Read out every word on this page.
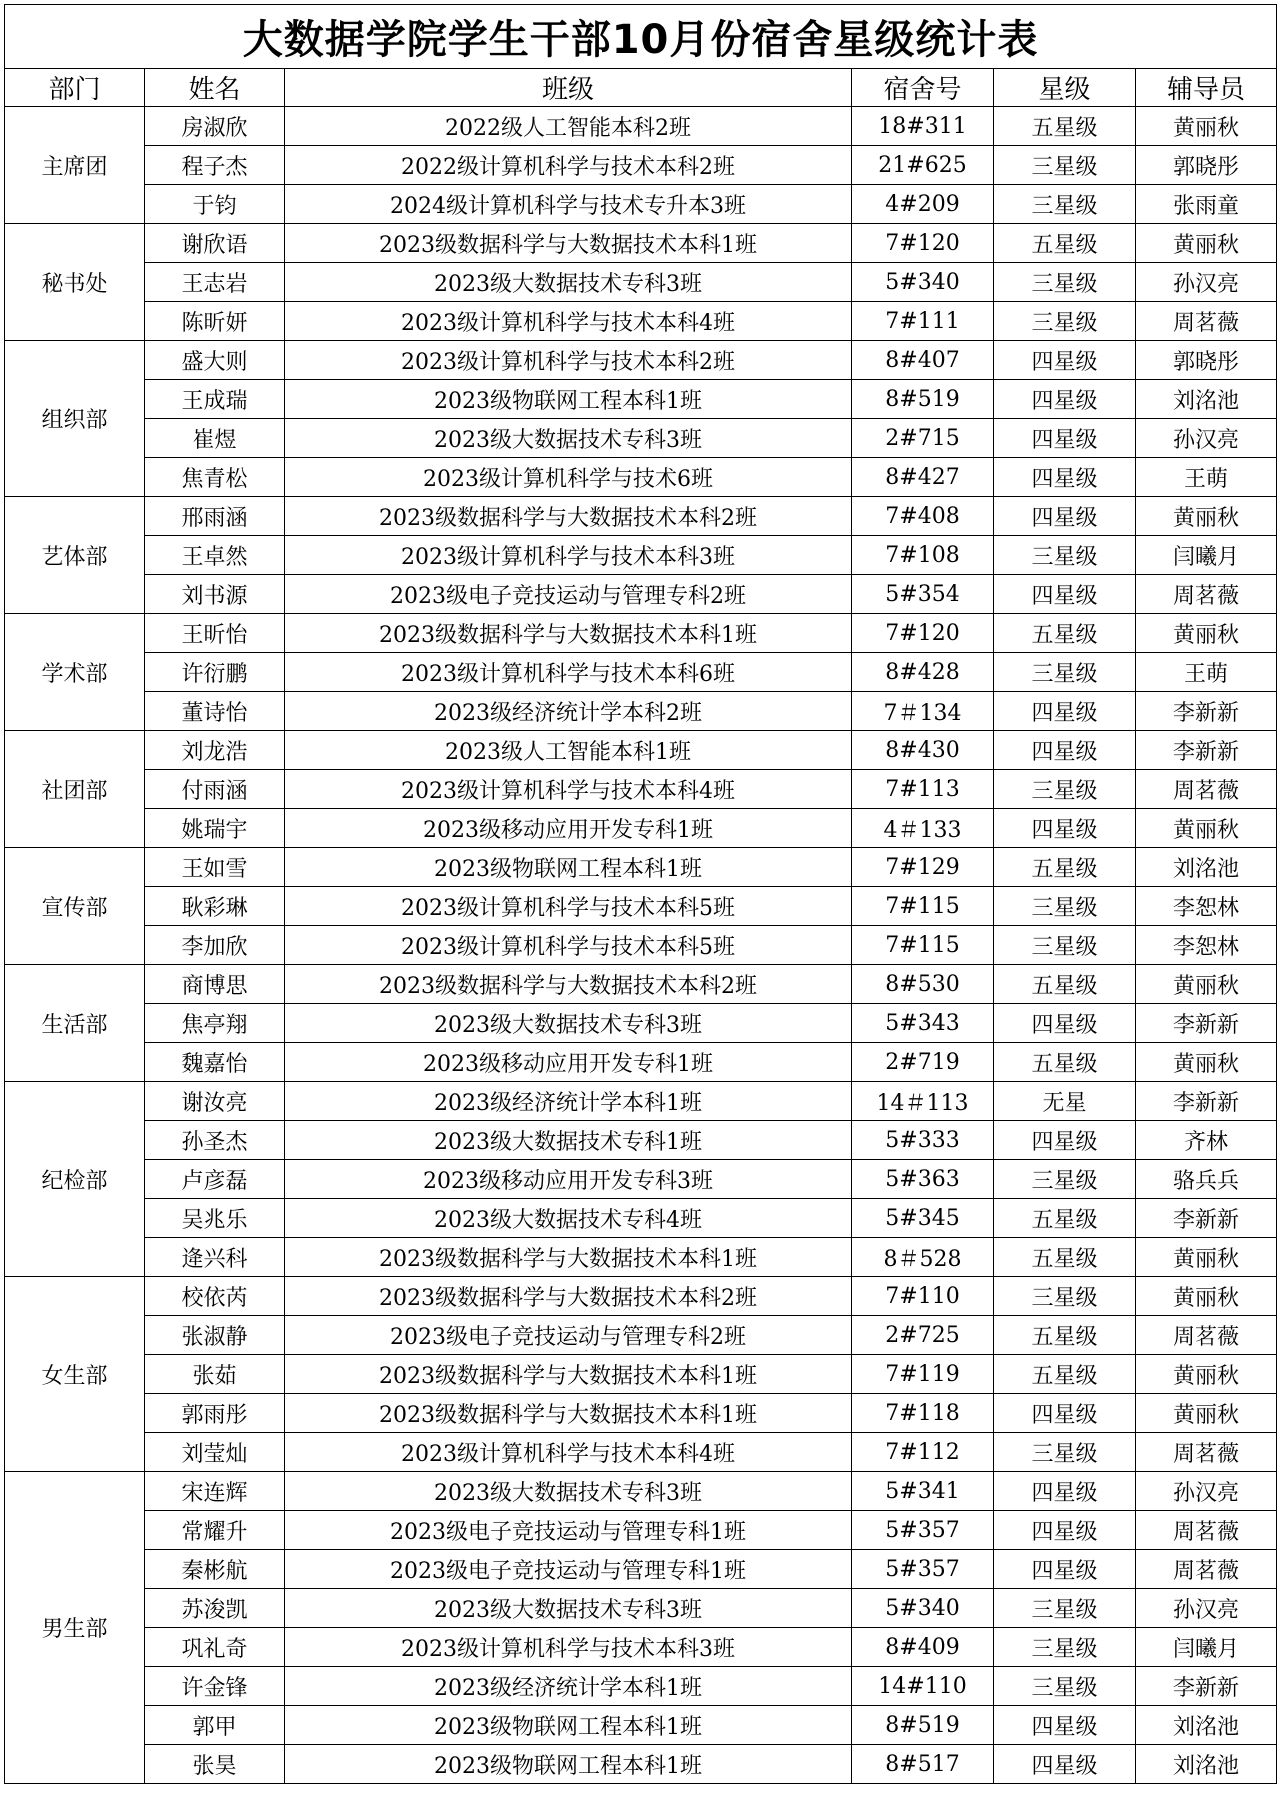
大数据学院学生干部10月份宿舍星级统计表					
部门	姓名	班级	宿舍号	星级	辅导员
主席团	房淑欣	2022级人工智能本科2班	18#311	五星级	黄丽秋
	程子杰	2022级计算机科学与技术本科2班	21#625	三星级	郭晓彤
	于钧	2024级计算机科学与技术专升本3班	4#209	三星级	张雨童
秘书处	谢欣语	2023级数据科学与大数据技术本科1班	7#120	五星级	黄丽秋
	王志岩	2023级大数据技术专科3班	5#340	三星级	孙汉亮
	陈昕妍	2023级计算机科学与技术本科4班	7#111	三星级	周茗薇
组织部	盛大则	2023级计算机科学与技术本科2班	8#407	四星级	郭晓彤
	王成瑞	2023级物联网工程本科1班	8#519	四星级	刘洺池
	崔煜	2023级大数据技术专科3班	2#715	四星级	孙汉亮
	焦青松	2023级计算机科学与技术6班	8#427	四星级	王萌
艺体部	邢雨涵	2023级数据科学与大数据技术本科2班	7#408	四星级	黄丽秋
	王卓然	2023级计算机科学与技术本科3班	7#108	三星级	闫曦月
	刘书源	2023级电子竞技运动与管理专科2班	5#354	四星级	周茗薇
学术部	王昕怡	2023级数据科学与大数据技术本科1班	7#120	五星级	黄丽秋
	许衍鹏	2023级计算机科学与技术本科6班	8#428	三星级	王萌
	董诗怡	2023级经济统计学本科2班	7＃134	四星级	李新新
社团部	刘龙浩	2023级人工智能本科1班	8#430	四星级	李新新
	付雨涵	2023级计算机科学与技术本科4班	7#113	三星级	周茗薇
	姚瑞宇	2023级移动应用开发专科1班	4＃133	四星级	黄丽秋
宣传部	王如雪	2023级物联网工程本科1班	7#129	五星级	刘洺池
	耿彩琳	2023级计算机科学与技术本科5班	7#115	三星级	李恕林
	李加欣	2023级计算机科学与技术本科5班	7#115	三星级	李恕林
生活部	商博思	2023级数据科学与大数据技术本科2班	8#530	五星级	黄丽秋
	焦亭翔	2023级大数据技术专科3班	5#343	四星级	李新新
	魏嘉怡	2023级移动应用开发专科1班	2#719	五星级	黄丽秋
纪检部	谢汝亮	2023级经济统计学本科1班	14＃113	无星	李新新
	孙圣杰	2023级大数据技术专科1班	5#333	四星级	齐林
	卢彦磊	2023级移动应用开发专科3班	5#363	三星级	骆兵兵
	吴兆乐	2023级大数据技术专科4班	5#345	五星级	李新新
	逄兴科	2023级数据科学与大数据技术本科1班	8＃528	五星级	黄丽秋
女生部	校依芮	2023级数据科学与大数据技术本科2班	7#110	三星级	黄丽秋
	张淑静	2023级电子竞技运动与管理专科2班	2#725	五星级	周茗薇
	张茹	2023级数据科学与大数据技术本科1班	7#119	五星级	黄丽秋
	郭雨彤	2023级数据科学与大数据技术本科1班	7#118	四星级	黄丽秋
	刘莹灿	2023级计算机科学与技术本科4班	7#112	三星级	周茗薇
男生部	宋连辉	2023级大数据技术专科3班	5#341	四星级	孙汉亮
	常耀升	2023级电子竞技运动与管理专科1班	5#357	四星级	周茗薇
	秦彬航	2023级电子竞技运动与管理专科1班	5#357	四星级	周茗薇
	苏浚凯	2023级大数据技术专科3班	5#340	三星级	孙汉亮
	巩礼奇	2023级计算机科学与技术本科3班	8#409	三星级	闫曦月
	许金锋	2023级经济统计学本科1班	14#110	三星级	李新新
	郭甲	2023级物联网工程本科1班	8#519	四星级	刘洺池
	张昊	2023级物联网工程本科1班	8#517	四星级	刘洺池
